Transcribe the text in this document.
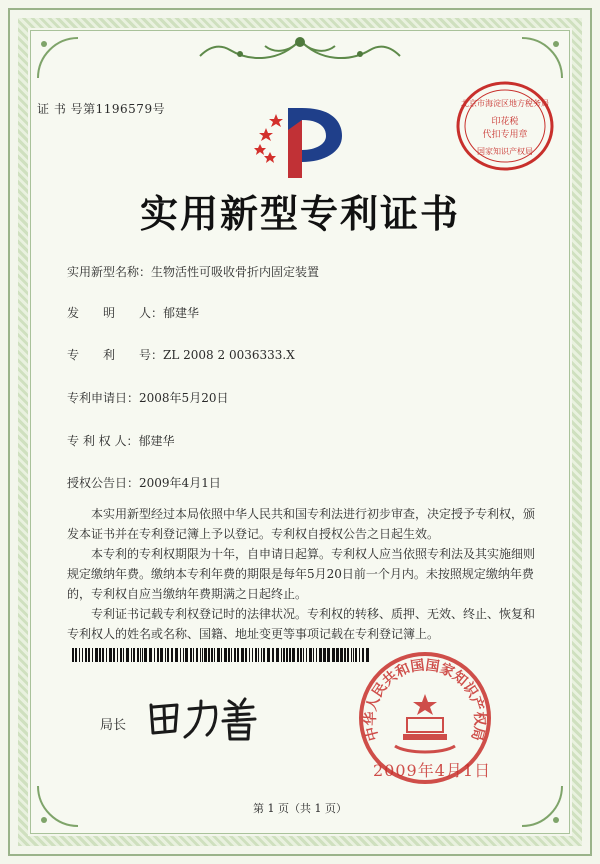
证 书 号第1196579号	北京市海淀区地方税务局
印花税
代扣专用章
国家知识产权局
实用新型专利证书
实用新型名称：生物活性可吸收骨折内固定装置
发　　明　　人：郁建华
专　　利　　号：ZL 2008 2 0036333.X
专利申请日：2008年5月20日
专 利 权 人：郁建华
授权公告日：2009年4月1日

本实用新型经过本局依照中华人民共和国专利法进行初步审查，决定授予专利权，颁发本证书并在专利登记簿上予以登记。专利权自授权公告之日起生效。

本专利的专利权期限为十年，自申请日起算。专利权人应当依照专利法及其实施细则规定缴纳年费。缴纳本专利年费的期限是每年5月20日前一个月内。未按照规定缴纳年费的，专利权自应当缴纳年费期满之日起终止。

专利证书记载专利权登记时的法律状况。专利权的转移、质押、无效、终止、恢复和专利权人的姓名或名称、国籍、地址变更等事项记载在专利登记簿上。

局长	中华人民共和国国家知识产权局
2009年4月1日
第 1 页（共 1 页）
